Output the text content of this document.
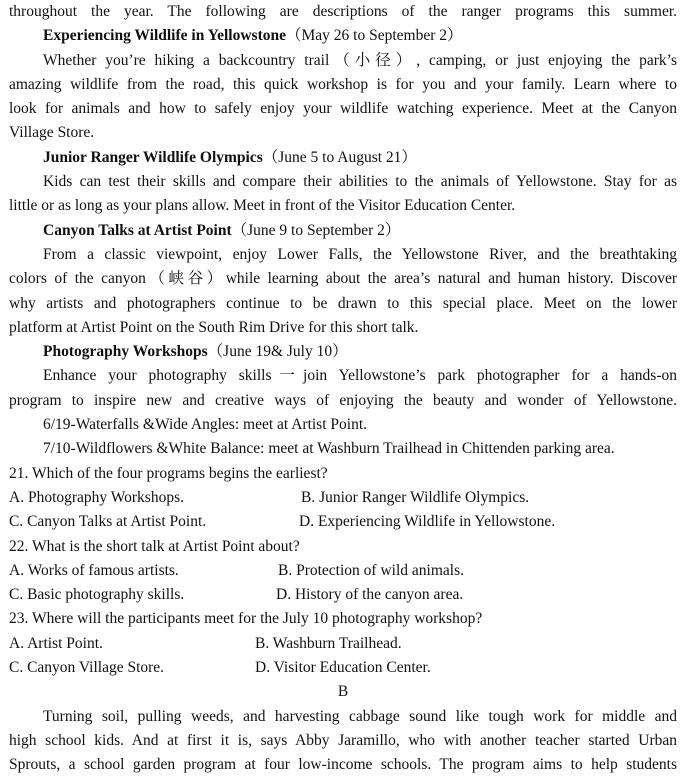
throughout the year. The following are descriptions of the ranger programs this summer.
Experiencing Wildlife in Yellowstone（May 26 to September 2）
Whether you’re hiking a backcountry trail（小径）, camping, or just enjoying the park’s
amazing wildlife from the road, this quick workshop is for you and your family. Learn where to
look for animals and how to safely enjoy your wildlife watching experience. Meet at the Canyon
Village Store.
Junior Ranger Wildlife Olympics（June 5 to August 21）
Kids can test their skills and compare their abilities to the animals of Yellowstone. Stay for as
little or as long as your plans allow. Meet in front of the Visitor Education Center.
Canyon Talks at Artist Point（June 9 to September 2）
From a classic viewpoint, enjoy Lower Falls, the Yellowstone River, and the breathtaking
colors of the canyon（峡谷）while learning about the area’s natural and human history. Discover
why artists and photographers continue to be drawn to this special place. Meet on the lower
platform at Artist Point on the South Rim Drive for this short talk.
Photography Workshops（June 19& July 10）
Enhance your photography skills一join Yellowstone’s park photographer for a hands-on
program to inspire new and creative ways of enjoying the beauty and wonder of Yellowstone.
6/19-Waterfalls &Wide Angles: meet at Artist Point.
7/10-Wildflowers &White Balance: meet at Washburn Trailhead in Chittenden parking area.
21. Which of the four programs begins the earliest?
A. Photography Workshops.	B. Junior Ranger Wildlife Olympics.
C. Canyon Talks at Artist Point.	D. Experiencing Wildlife in Yellowstone.
22. What is the short talk at Artist Point about?
A. Works of famous artists.	B. Protection of wild animals.
C. Basic photography skills.	D. History of the canyon area.
23. Where will the participants meet for the July 10 photography workshop?
A. Artist Point.	B. Washburn Trailhead.
C. Canyon Village Store.	D. Visitor Education Center.
B
Turning soil, pulling weeds, and harvesting cabbage sound like tough work for middle and
high school kids. And at first it is, says Abby Jaramillo, who with another teacher started Urban
Sprouts, a school garden program at four low-income schools. The program aims to help students
